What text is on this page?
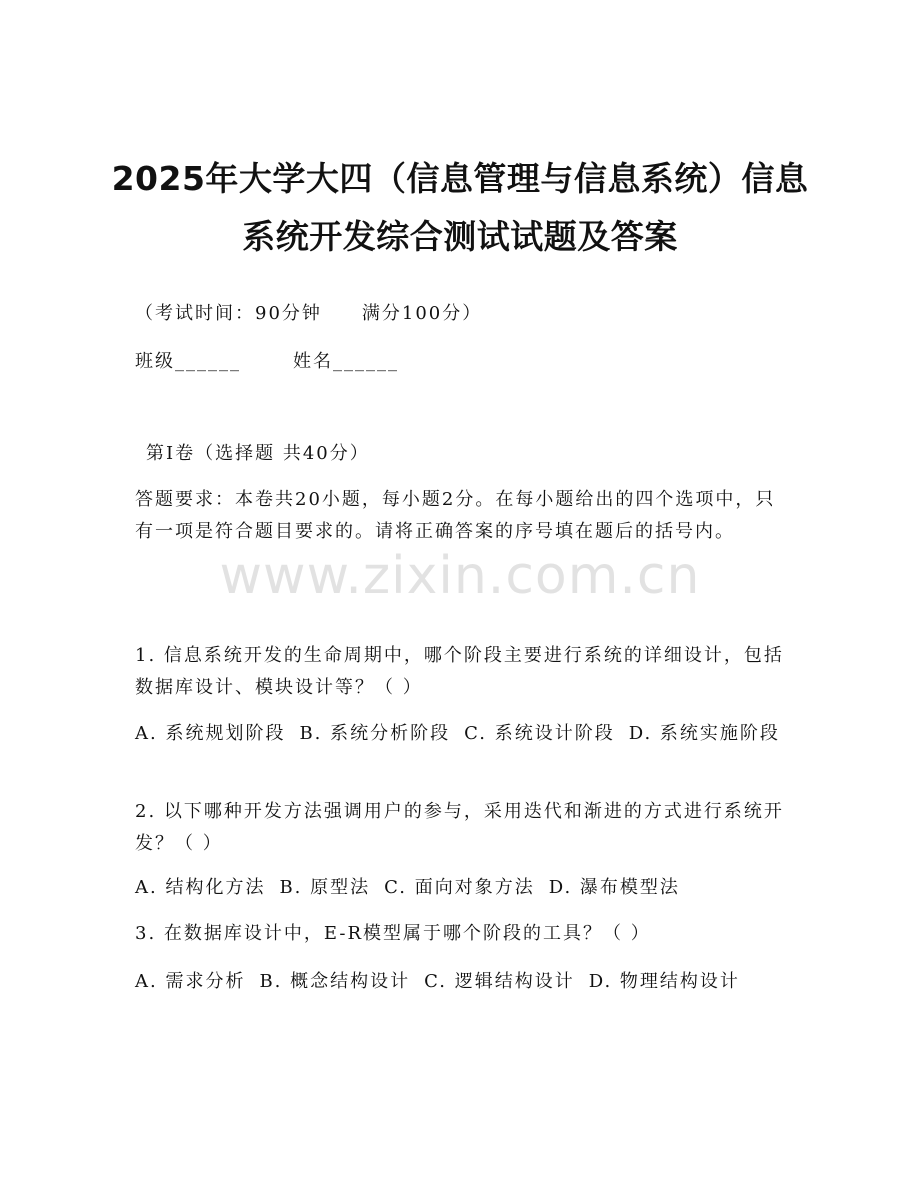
2025年大学大四（信息管理与信息系统）信息系统开发综合测试试题及答案
（考试时间：90分钟 满分100分）
班级______	姓名______
第I卷（选择题 共40分）
答题要求：本卷共20小题，每小题2分。在每小题给出的四个选项中，只有一项是符合题目要求的。请将正确答案的序号填在题后的括号内。
1. 信息系统开发的生命周期中，哪个阶段主要进行系统的详细设计，包括数据库设计、模块设计等？（ ）
A. 系统规划阶段 B. 系统分析阶段 C. 系统设计阶段 D. 系统实施阶段
2. 以下哪种开发方法强调用户的参与，采用迭代和渐进的方式进行系统开发？（ ）
A. 结构化方法 B. 原型法 C. 面向对象方法 D. 瀑布模型法
3. 在数据库设计中，E-R模型属于哪个阶段的工具？（ ）
A. 需求分析 B. 概念结构设计 C. 逻辑结构设计 D. 物理结构设计
www.zixin.com.cn
